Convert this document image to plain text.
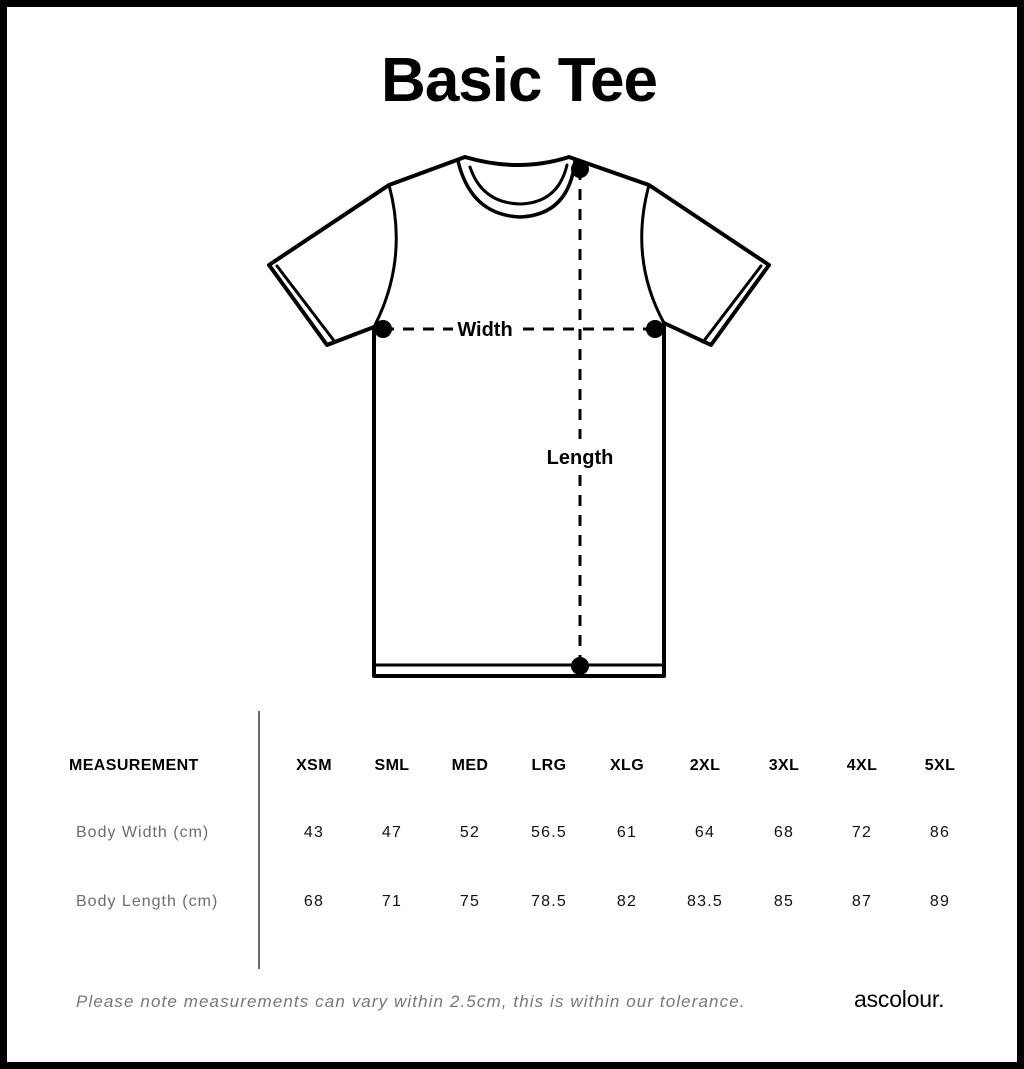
Basic Tee
Width
Length
MEASUREMENT	XSM	SML	MED	LRG	XLG	2XL	3XL	4XL	5XL
Body Width (cm)	43	47	52	56.5	61	64	68	72	86
Body Length (cm)	68	71	75	78.5	82	83.5	85	87	89
Please note measurements can vary within 2.5cm, this is within our tolerance.	ascolour.
